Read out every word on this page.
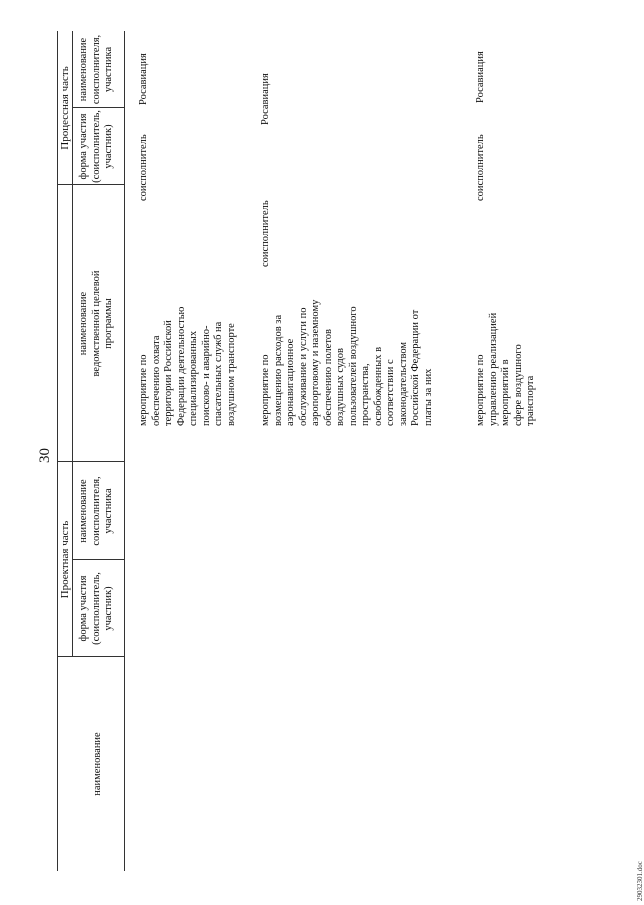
30
Проектная часть
Процессная часть
наименование
форма участия
(соисполнитель,
участник)
наименование
соисполнителя,
участника
наименование
ведомственной целевой
программы
форма участия
(соисполнитель,
участник)
наименование
соисполнителя,
участника
мероприятие по
обеспечению охвата
территории Российской
Федерации деятельностью
специализированных
поисково- и аварийно-
спасательных служб на
воздушном транспорте
соисполнитель
Росавиация
мероприятие по
возмещению расходов за
аэронавигационное
обслуживание и услуги по
аэропортовому и наземному
обеспечению полетов
воздушных судов
пользователей воздушного
пространства,
освобожденных в
соответствии с
законодательством
Российской Федерации от
платы за них
соисполнитель
Росавиация
мероприятие по
управлению реализацией
мероприятий в
сфере воздушного
транспорта
соисполнитель
Росавиация
29032301.doc
